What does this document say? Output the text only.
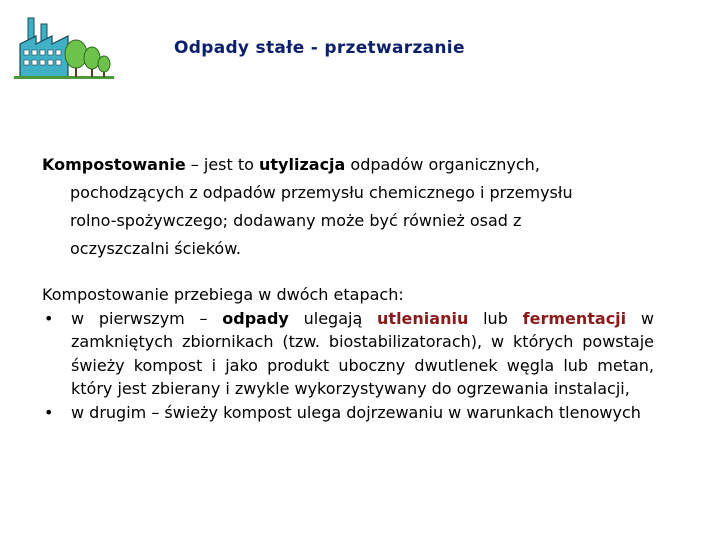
Odpady stałe - przetwarzanie
Kompostowanie – jest to utylizacja odpadów organicznych,
pochodzących z odpadów przemysłu chemicznego i przemysłu
rolno-spożywczego; dodawany może być również osad z
oczyszczalni ścieków.
Kompostowanie przebiega w dwóch etapach:
• w pierwszym – odpady ulegają utlenianiu lub fermentacji w zamkniętych zbiornikach (tzw. biostabilizatorach), w których powstaje świeży kompost i jako produkt uboczny dwutlenek węgla lub metan, który jest zbierany i zwykle wykorzystywany do ogrzewania instalacji,
• w drugim – świeży kompost ulega dojrzewaniu w warunkach tlenowych
